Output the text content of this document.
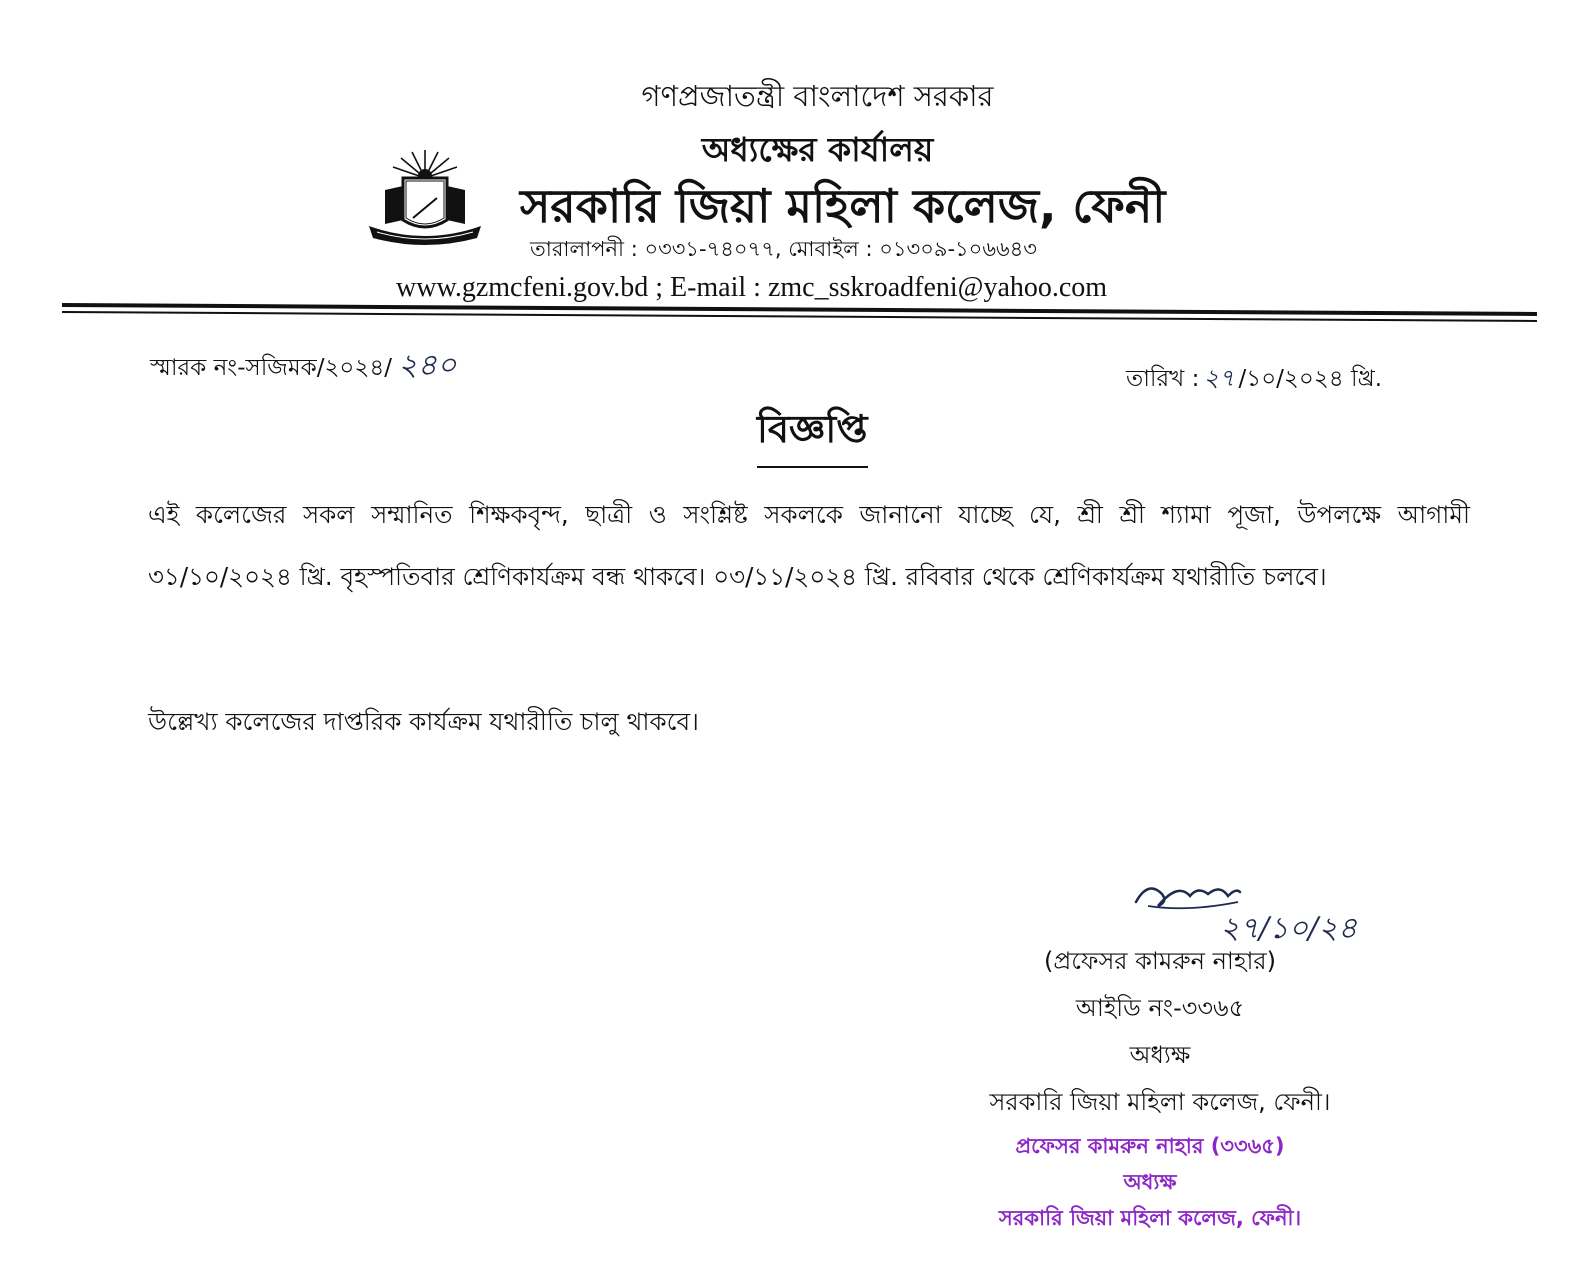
গণপ্রজাতন্ত্রী বাংলাদেশ সরকার
অধ্যক্ষের কার্যালয়
সরকারি জিয়া মহিলা কলেজ, ফেনী
তারালাপনী : ০৩৩১-৭৪০৭৭, মোবাইল : ০১৩০৯-১০৬৬৪৩
www.gzmcfeni.gov.bd ; E-mail : zmc_sskroadfeni@yahoo.com
স্মারক নং-সজিমক/২০২৪/ ২৪০	তারিখ : ২৭ /১০/২০২৪ খ্রি.
বিজ্ঞপ্তি
এই কলেজের সকল সম্মানিত শিক্ষকবৃন্দ, ছাত্রী ও সংশ্লিষ্ট সকলকে জানানো যাচ্ছে যে, শ্রী শ্রী শ্যামা পূজা, উপলক্ষে আগামী ৩১/১০/২০২৪ খ্রি. বৃহস্পতিবার শ্রেণিকার্যক্রম বন্ধ থাকবে। ০৩/১১/২০২৪ খ্রি. রবিবার থেকে শ্রেণিকার্যক্রম যথারীতি চলবে।
উল্লেখ্য কলেজের দাপ্তরিক কার্যক্রম যথারীতি চালু থাকবে।
২৭/১০/২৪
(প্রফেসর কামরুন নাহার)
আইডি নং-৩৩৬৫
অধ্যক্ষ
সরকারি জিয়া মহিলা কলেজ, ফেনী।
প্রফেসর কামরুন নাহার (৩৩৬৫)
অধ্যক্ষ
সরকারি জিয়া মহিলা কলেজ, ফেনী।
